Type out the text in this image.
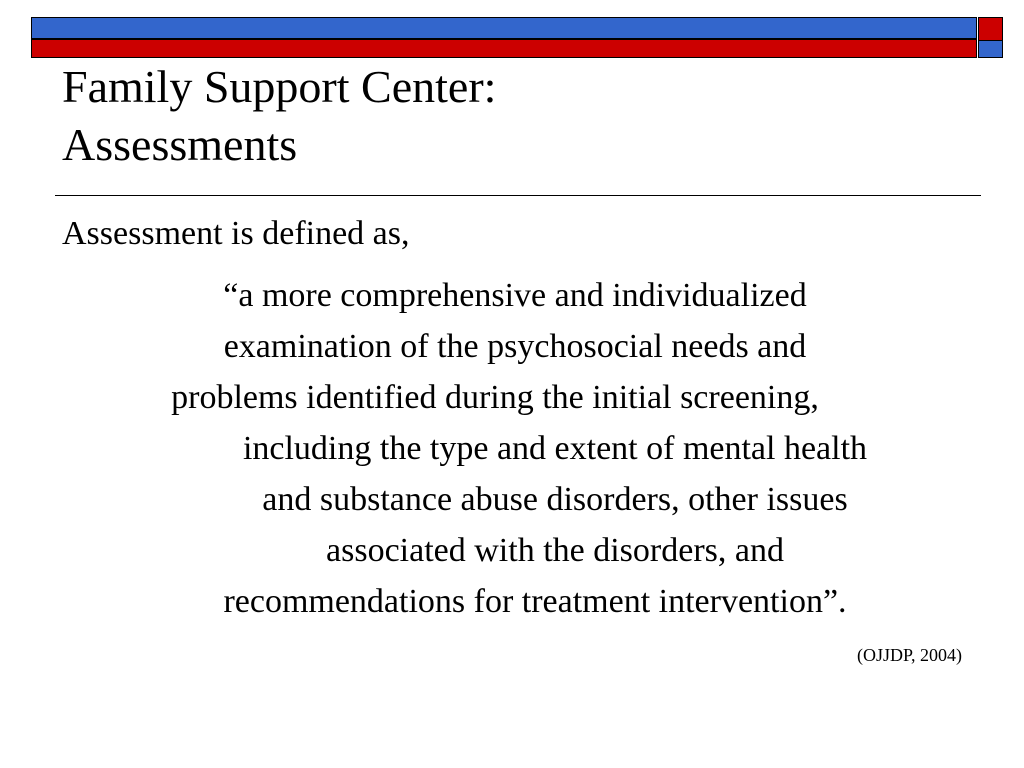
Family Support Center:
Assessments
Assessment is defined as,
“a more comprehensive and individualized
examination of the psychosocial needs and
problems identified during the initial screening,
including the type and extent of mental health
and substance abuse disorders, other issues
associated with the disorders, and
recommendations for treatment intervention”.
(OJJDP, 2004)
